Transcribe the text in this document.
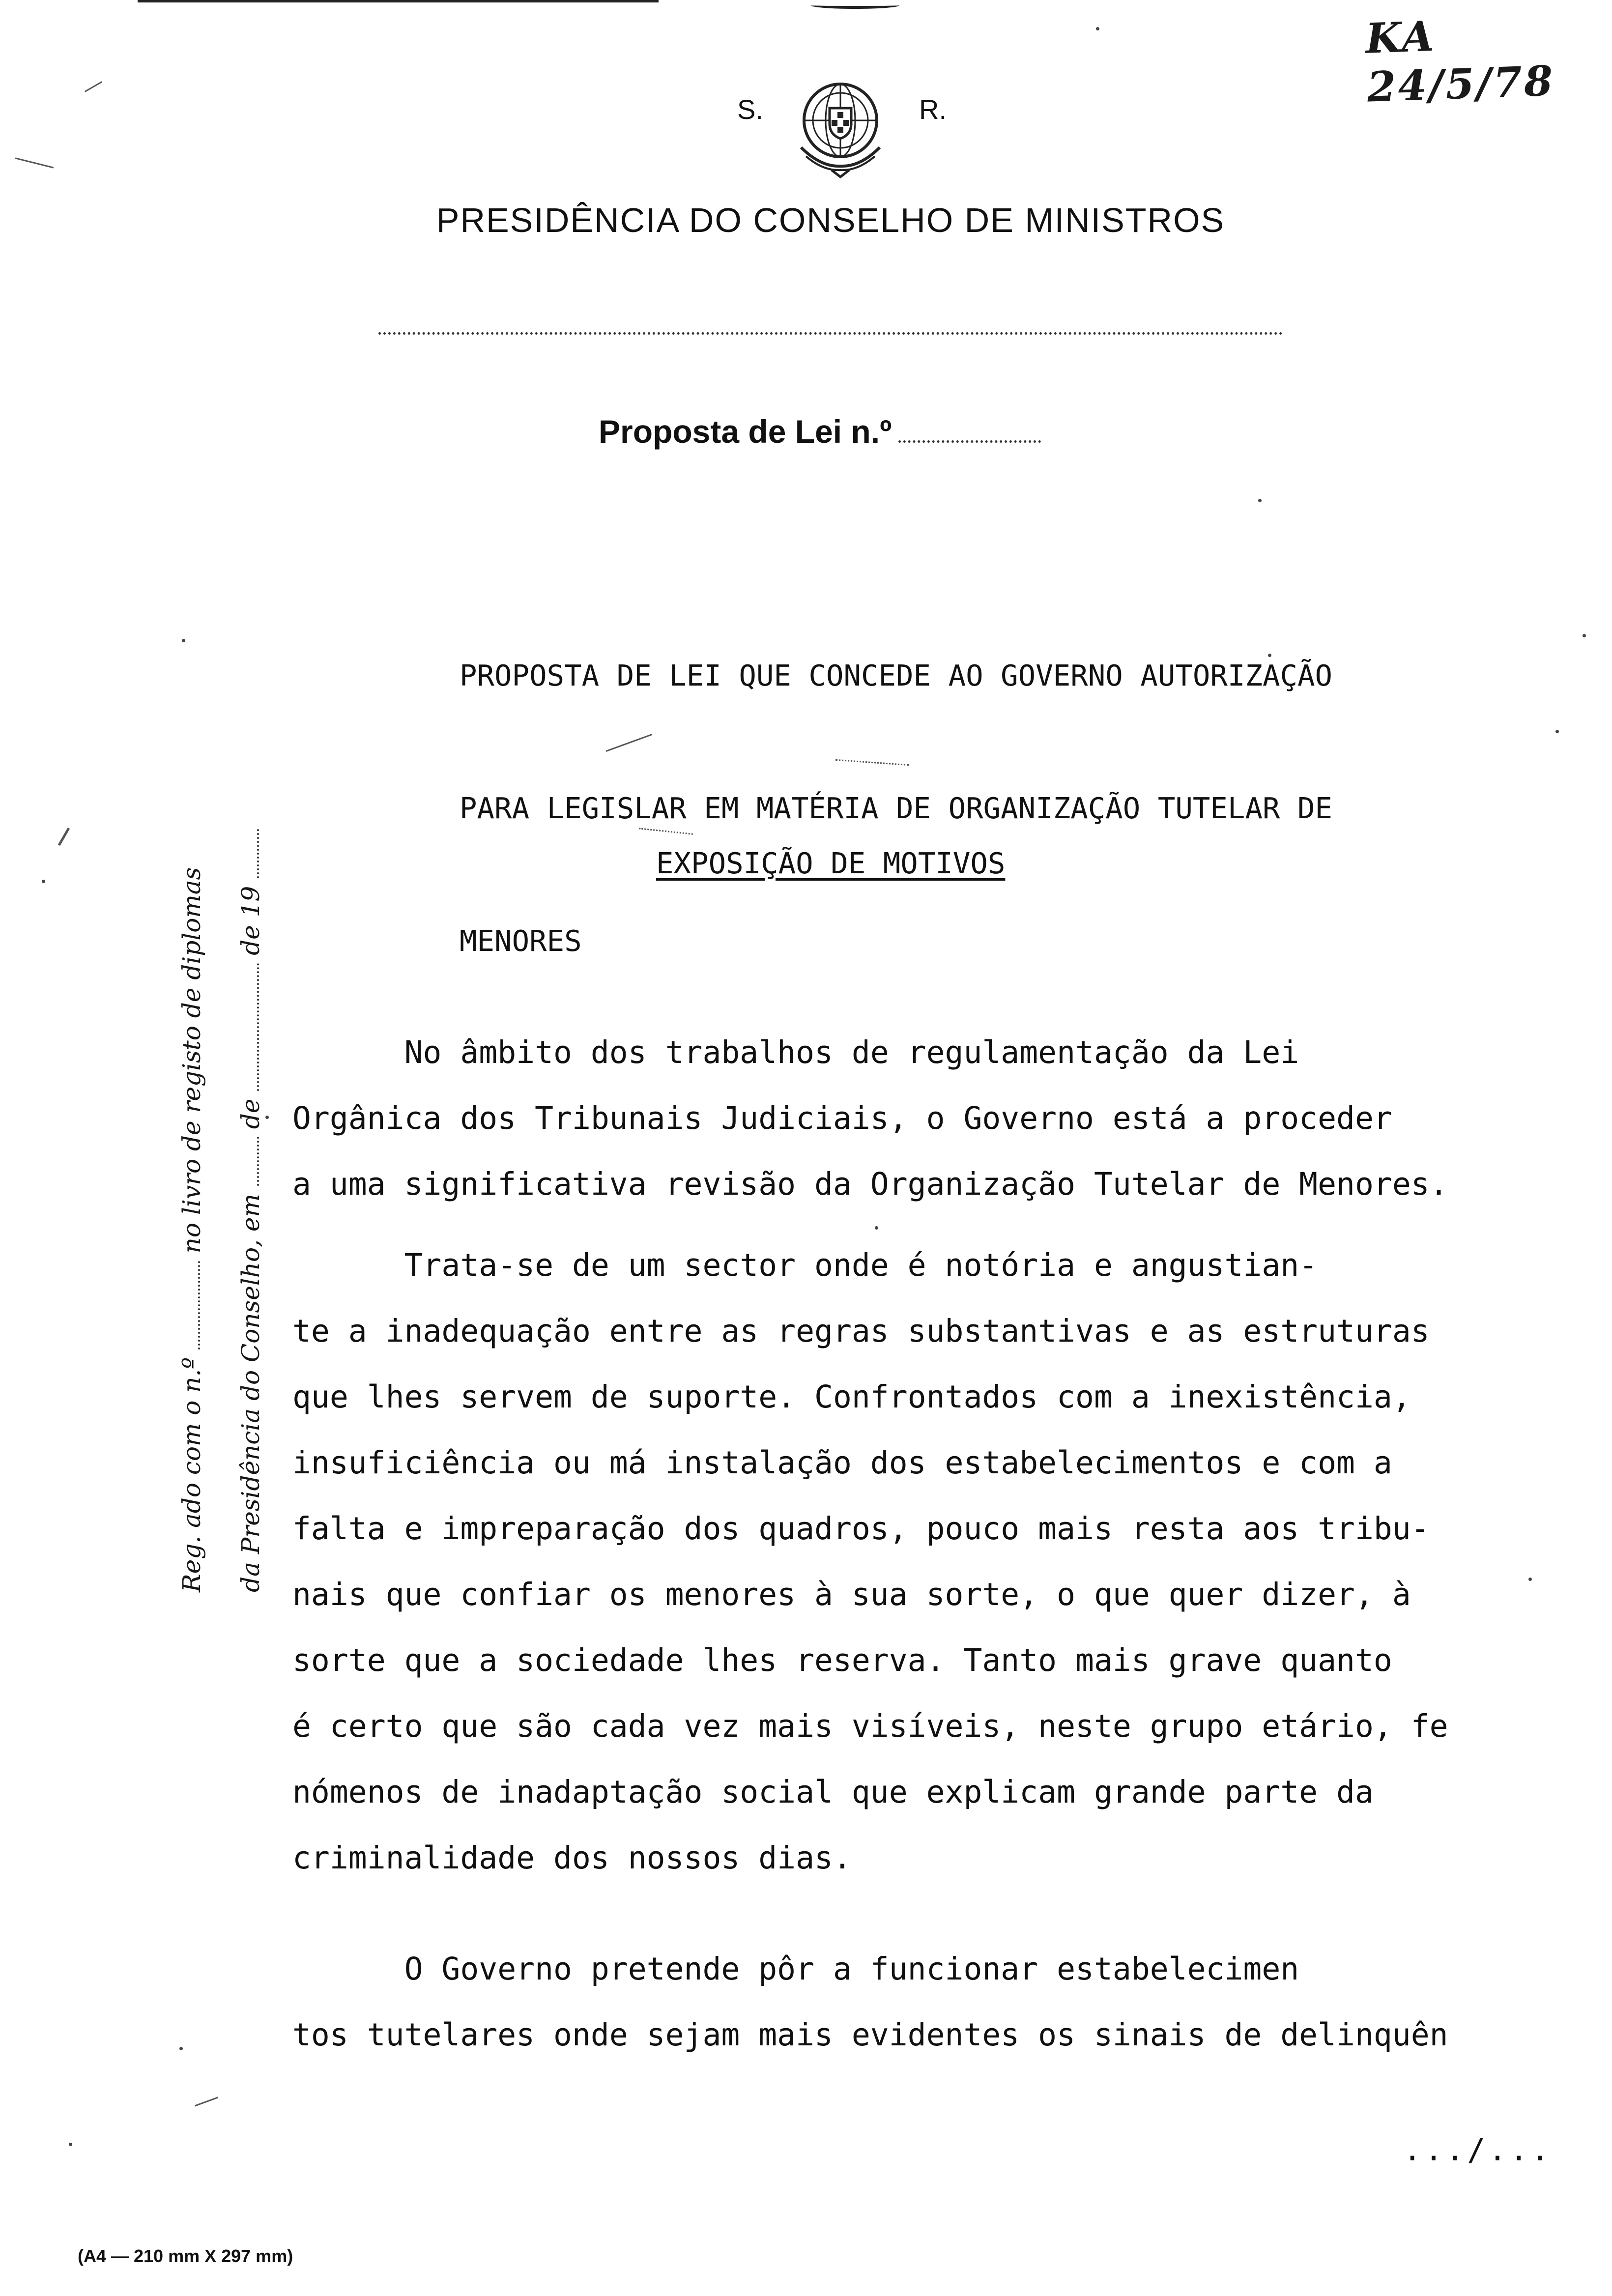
KA 24/5/78
S.	R.
PRESIDÊNCIA DO CONSELHO DE MINISTROS
Proposta de Lei n.º

PROPOSTA DE LEI QUE CONCEDE AO GOVERNO AUTORIZAÇÃO

PARA LEGISLAR EM MATÉRIA DE ORGANIZAÇÃO TUTELAR DE

MENORES

EXPOSIÇÃO DE MOTIVOS
No âmbito dos trabalhos de regulamentação da Lei
Orgânica dos Tribunais Judiciais, o Governo está a proceder
a uma significativa revisão da Organização Tutelar de Menores.
Trata-se de um sector onde é notória e angustian-
te a inadequação entre as regras substantivas e as estruturas
que lhes servem de suporte. Confrontados com a inexistência,
insuficiência ou má instalação dos estabelecimentos e com a
falta e impreparação dos quadros, pouco mais resta aos tribu-
nais que confiar os menores à sua sorte, o que quer dizer, à
sorte que a sociedade lhes reserva. Tanto mais grave quanto
é certo que são cada vez mais visíveis, neste grupo etário, fe
nómenos de inadaptação social que explicam grande parte da
criminalidade dos nossos dias.
O Governo pretende pôr a funcionar estabelecimen
tos tutelares onde sejam mais evidentes os sinais de delinquên
.../...
(A4 — 210 mm X 297 mm)
Reg. ado com o n.º  no livro de registo de diplomas
da Presidência do Conselho, em  de  de 19
